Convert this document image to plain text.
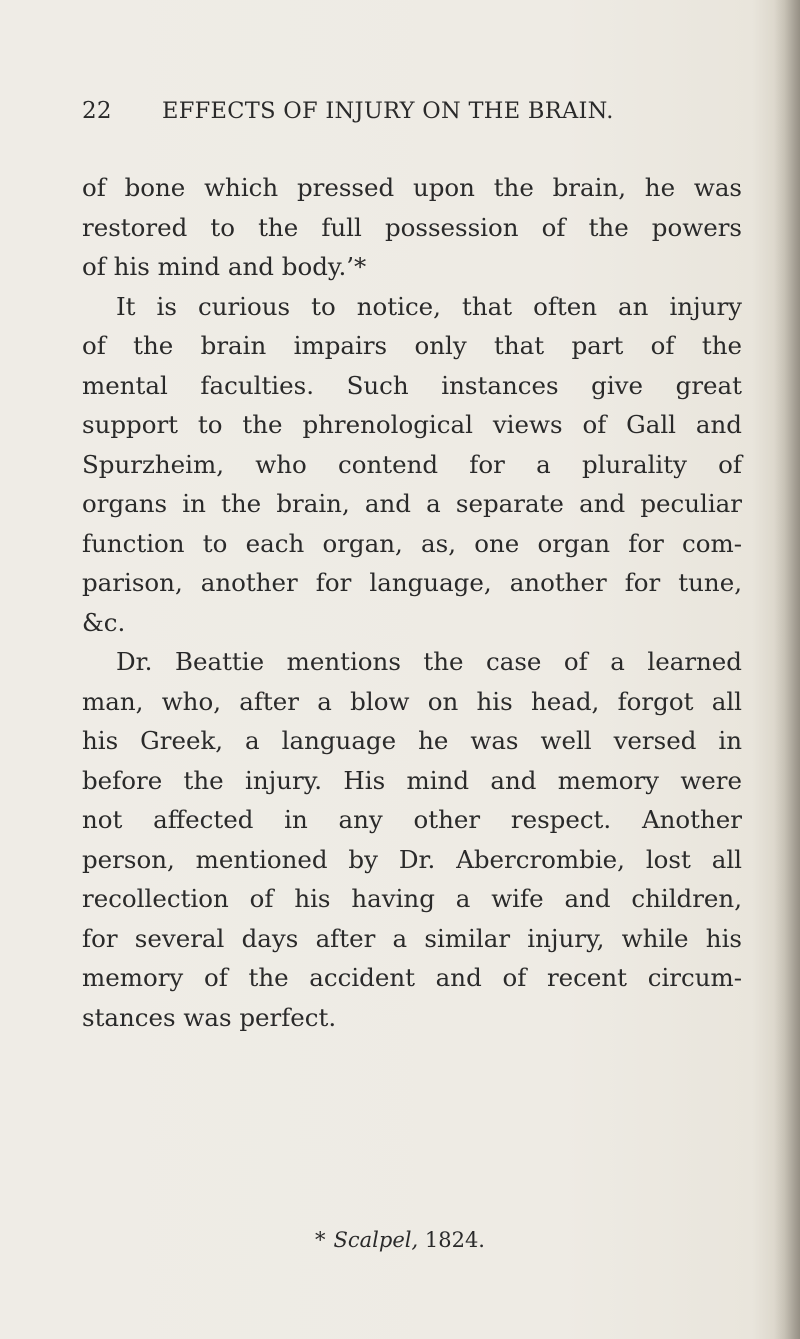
22 EFFECTS OF INJURY ON THE BRAIN.
of bone which pressed upon the brain, he was
restored to the full possession of the powers
of his mind and body.’*
It is curious to notice, that often an injury
of the brain impairs only that part of the
mental faculties. Such instances give great
support to the phrenological views of Gall and
Spurzheim, who contend for a plurality of
organs in the brain, and a separate and peculiar
function to each organ, as, one organ for com-
parison, another for language, another for tune,
&c.
Dr. Beattie mentions the case of a learned
man, who, after a blow on his head, forgot all
his Greek, a language he was well versed in
before the injury. His mind and memory were
not affected in any other respect. Another
person, mentioned by Dr. Abercrombie, lost all
recollection of his having a wife and children,
for several days after a similar injury, while his
memory of the accident and of recent circum-
stances was perfect.
* Scalpel, 1824.
